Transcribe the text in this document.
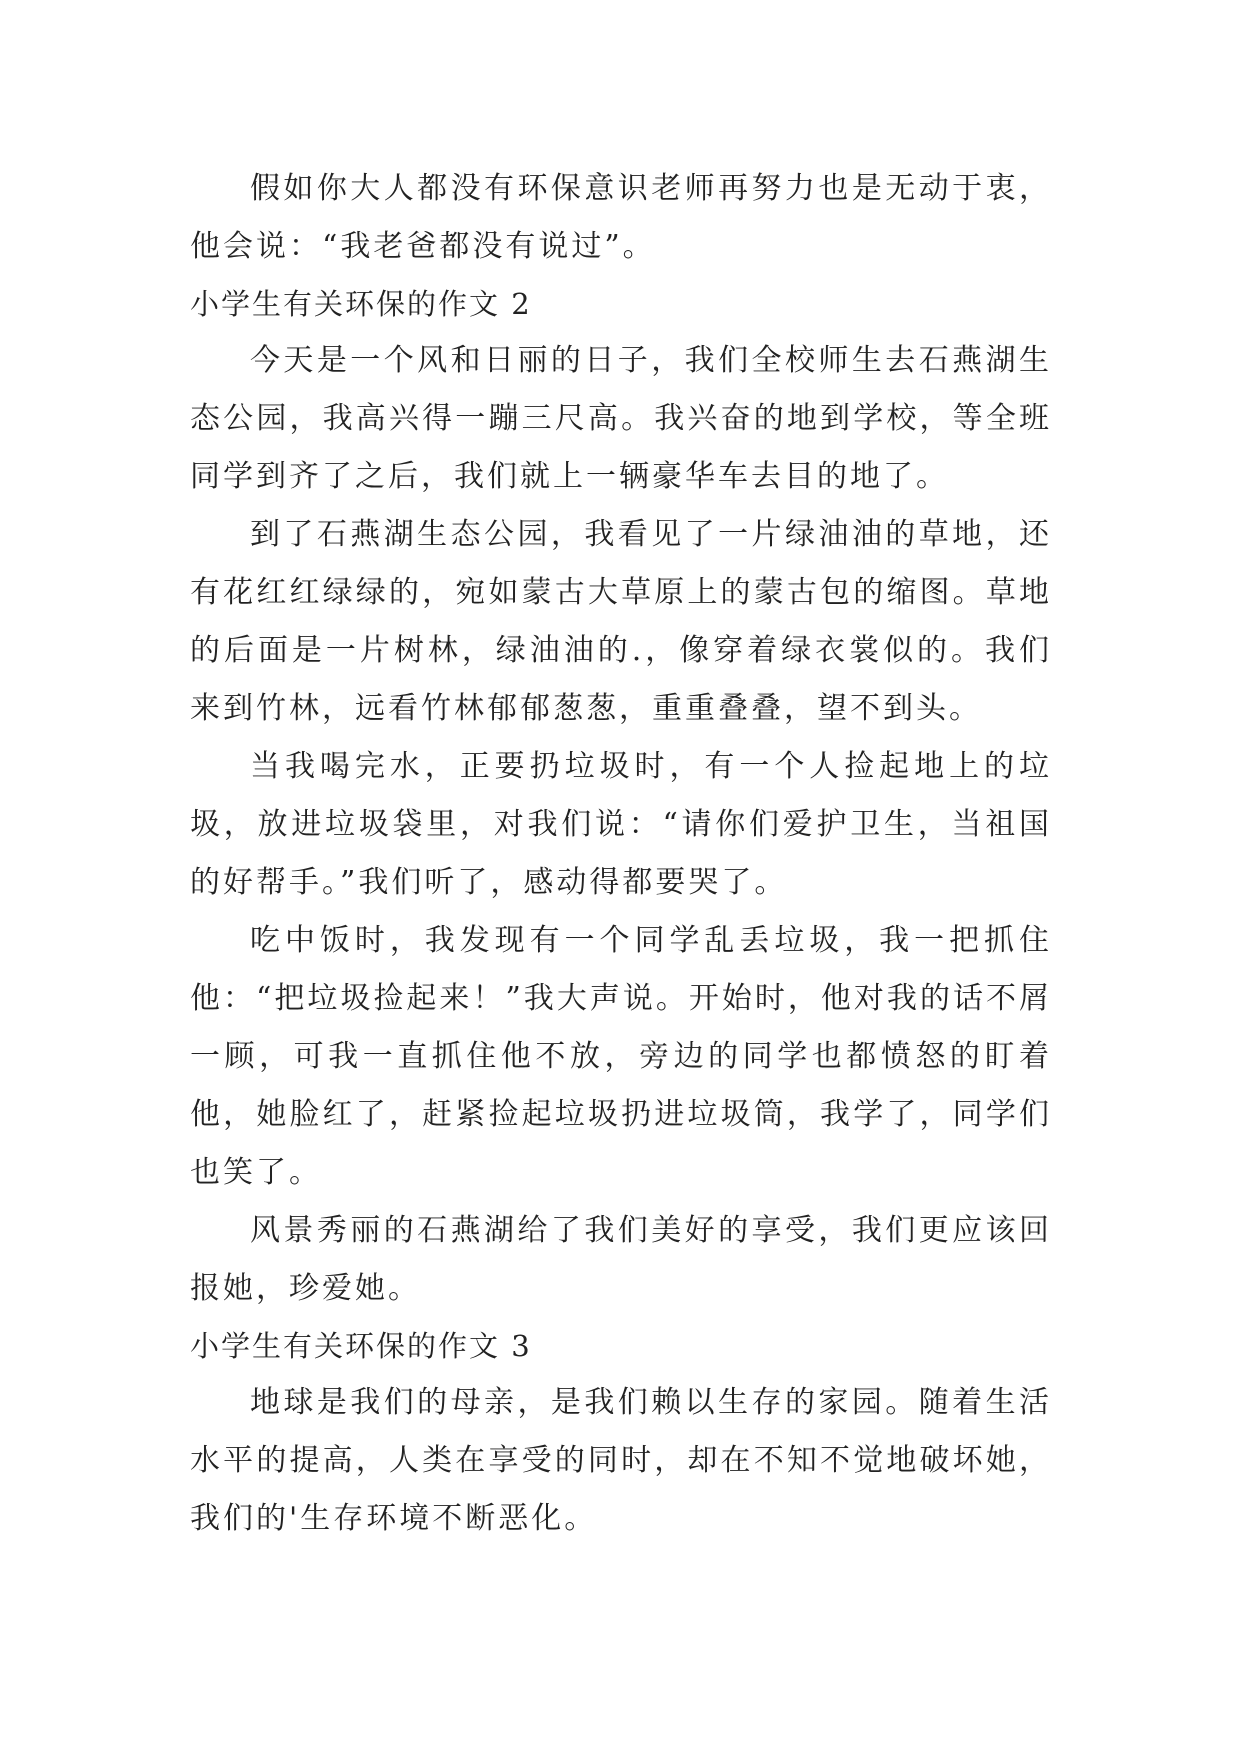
假如你大人都没有环保意识老师再努力也是无动于衷，他会说：“我老爸都没有说过”。

小学生有关环保的作文 2

今天是一个风和日丽的日子，我们全校师生去石燕湖生态公园，我高兴得一蹦三尺高。我兴奋的地到学校，等全班同学到齐了之后，我们就上一辆豪华车去目的地了。

到了石燕湖生态公园，我看见了一片绿油油的草地，还有花红红绿绿的，宛如蒙古大草原上的蒙古包的缩图。草地的后面是一片树林，绿油油的.，像穿着绿衣裳似的。我们来到竹林，远看竹林郁郁葱葱，重重叠叠，望不到头。

当我喝完水，正要扔垃圾时，有一个人捡起地上的垃圾，放进垃圾袋里，对我们说：“请你们爱护卫生，当祖国的好帮手。”我们听了，感动得都要哭了。

吃中饭时，我发现有一个同学乱丢垃圾，我一把抓住他：“把垃圾捡起来！”我大声说。开始时，他对我的话不屑一顾，可我一直抓住他不放，旁边的同学也都愤怒的盯着他，她脸红了，赶紧捡起垃圾扔进垃圾筒，我学了，同学们也笑了。

风景秀丽的石燕湖给了我们美好的享受，我们更应该回报她，珍爱她。

小学生有关环保的作文 3

地球是我们的母亲，是我们赖以生存的家园。随着生活水平的提高，人类在享受的同时，却在不知不觉地破坏她，我们的'生存环境不断恶化。
